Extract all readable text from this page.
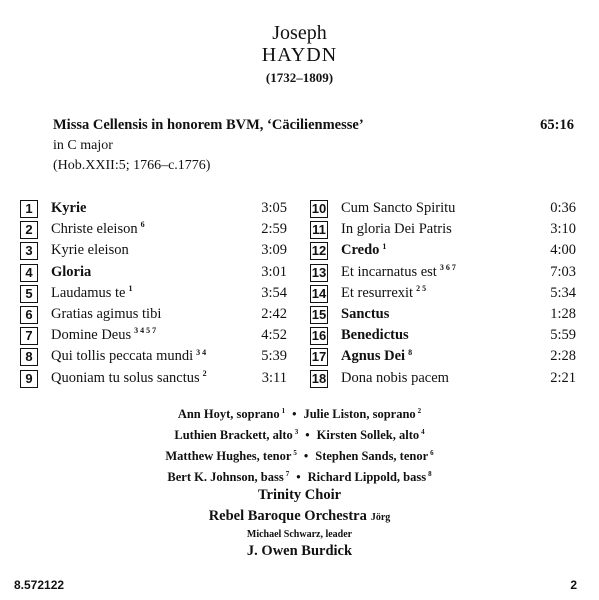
Joseph
HAYDN
(1732–1809)
Missa Cellensis in honorem BVM, ‘Cäcilienmesse’	65:16
in C major
(Hob.XXII:5; 1766–c.1776)
1	Kyrie	3:05
2	Christe eleison $^6$	2:59
3	Kyrie eleison	3:09
4	Gloria	3:01
5	Laudamus te $^1$	3:54
6	Gratias agimus tibi	2:42
7	Domine Deus $^{3 4 5 7}$	4:52
8	Qui tollis peccata mundi $^{3 4}$	5:39
9	Quoniam tu solus sanctus $^2$	3:11
10 Cum Sancto Spiritu	0:36
11 In gloria Dei Patris	3:10
12 Credo $^1$	4:00
13 Et incarnatus est $^{3 6 7}$	7:03
14 Et resurrexit $^{2 5}$	5:34
15 Sanctus	1:28
16 Benedictus	5:59
17 Agnus Dei $^8$	2:28
18 Dona nobis pacem	2:21
Ann Hoyt, soprano $^1$ • Julie Liston, soprano $^2$
Luthien Brackett, alto $^3$ • Kirsten Sollek, alto $^4$
Matthew Hughes, tenor $^5$ • Stephen Sands, tenor $^6$
Bert K. Johnson, bass $^7$ • Richard Lippold, bass $^8$
Trinity Choir
Rebel Baroque Orchestra Jörg
Michael Schwarz, leader
J. Owen Burdick
8.572122	2
